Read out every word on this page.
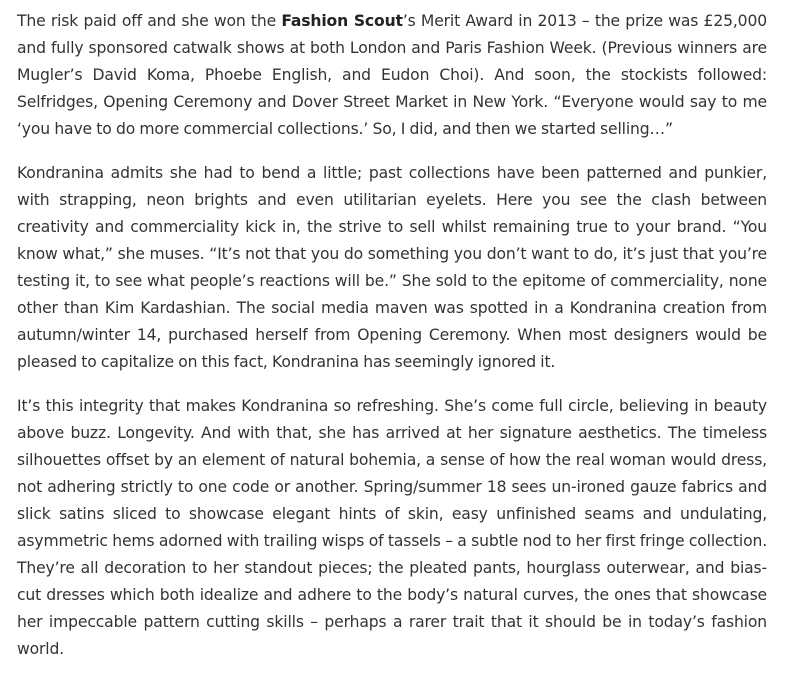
The risk paid off and she won the Fashion Scout’s Merit Award in 2013 – the prize was £25,000 and fully sponsored catwalk shows at both London and Paris Fashion Week. (Previous winners are Mugler’s David Koma, Phoebe English, and Eudon Choi). And soon, the stockists followed: Selfridges, Opening Ceremony and Dover Street Market in New York. “Everyone would say to me ‘you have to do more commercial collections.’ So, I did, and then we started selling…”

Kondranina admits she had to bend a little; past collections have been patterned and punkier, with strapping, neon brights and even utilitarian eyelets. Here you see the clash between creativity and commerciality kick in, the strive to sell whilst remaining true to your brand. “You know what,” she muses. “It’s not that you do something you don’t want to do, it’s just that you’re testing it, to see what people’s reactions will be.” She sold to the epitome of commerciality, none other than Kim Kardashian. The social media maven was spotted in a Kondranina creation from autumn/winter 14, purchased herself from Opening Ceremony. When most designers would be pleased to capitalize on this fact, Kondranina has seemingly ignored it.

It’s this integrity that makes Kondranina so refreshing. She’s come full circle, believing in beauty above buzz. Longevity. And with that, she has arrived at her signature aesthetics. The timeless silhouettes offset by an element of natural bohemia, a sense of how the real woman would dress, not adhering strictly to one code or another. Spring/summer 18 sees un-ironed gauze fabrics and slick satins sliced to showcase elegant hints of skin, easy unfinished seams and undulating, asymmetric hems adorned with trailing wisps of tassels – a subtle nod to her first fringe collection. They’re all decoration to her standout pieces; the pleated pants, hourglass outerwear, and bias-cut dresses which both idealize and adhere to the body’s natural curves, the ones that showcase her impeccable pattern cutting skills – perhaps a rarer trait that it should be in today’s fashion world.
